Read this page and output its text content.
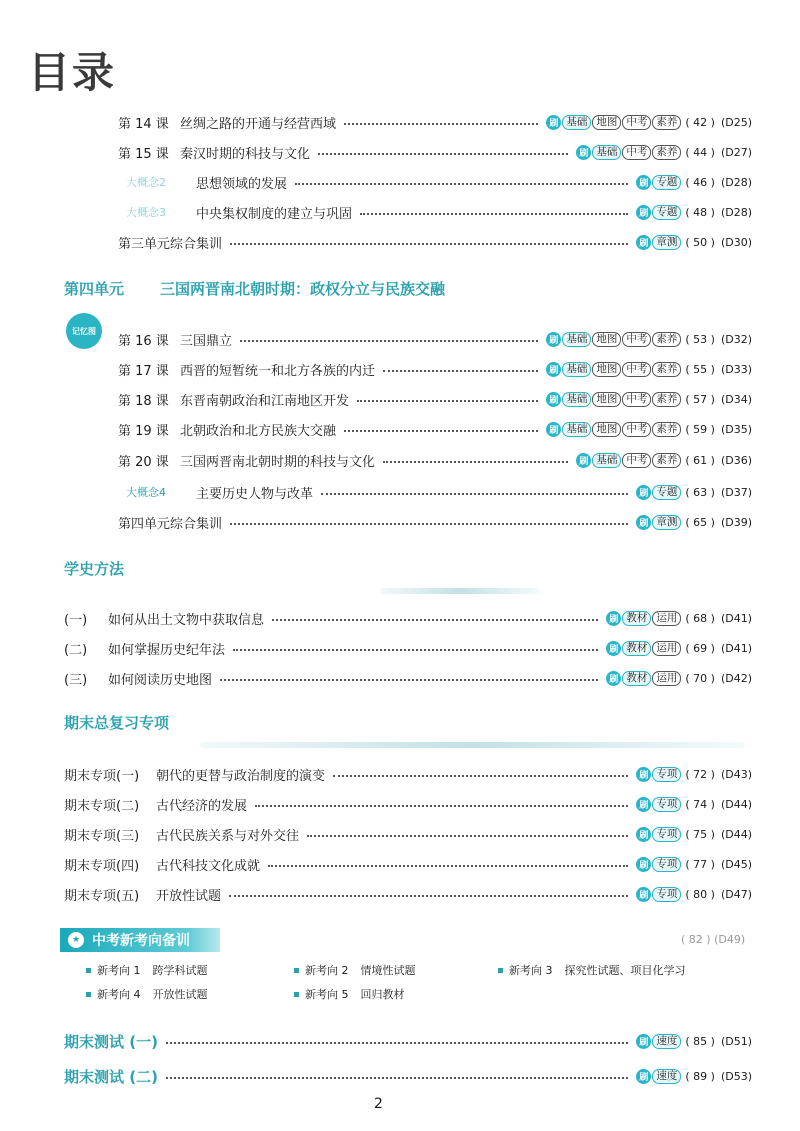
目录
第 14 课 丝绸之路的开通与经营西域	刷 基础 地图 中考 素养 ( 42 ) (D25)
第 15 课 秦汉时期的科技与文化	刷 基础 中考 素养 ( 44 ) (D27)
大概念2	思想领域的发展	刷 专题 ( 46 ) (D28)
大概念3	中央集权制度的建立与巩固	刷 专题 ( 48 ) (D28)
第三单元综合集训	刷 章测 ( 50 ) (D30)
第四单元	三国两晋南北朝时期：政权分立与民族交融
记忆图
第 16 课 三国鼎立	刷 基础 地图 中考 素养 ( 53 ) (D32)
第 17 课 西晋的短暂统一和北方各族的内迁	刷 基础 地图 中考 素养 ( 55 ) (D33)
第 18 课 东晋南朝政治和江南地区开发	刷 基础 地图 中考 素养 ( 57 ) (D34)
第 19 课 北朝政治和北方民族大交融	刷 基础 地图 中考 素养 ( 59 ) (D35)
第 20 课 三国两晋南北朝时期的科技与文化	刷 基础 中考 素养 ( 61 ) (D36)
大概念4	主要历史人物与改革	刷 专题 ( 63 ) (D37)
第四单元综合集训	刷 章测 ( 65 ) (D39)
学史方法
(一)	如何从出土文物中获取信息	刷 教材 运用 ( 68 ) (D41)
(二)	如何掌握历史纪年法	刷 教材 运用 ( 69 ) (D41)
(三)	如何阅读历史地图	刷 教材 运用 ( 70 ) (D42)
期末总复习专项
期末专项(一)	朝代的更替与政治制度的演变	刷 专项 ( 72 ) (D43)
期末专项(二)	古代经济的发展	刷 专项 ( 74 ) (D44)
期末专项(三)	古代民族关系与对外交往	刷 专项 ( 75 ) (D44)
期末专项(四)	古代科技文化成就	刷 专项 ( 77 ) (D45)
期末专项(五)	开放性试题	刷 专项 ( 80 ) (D47)
★ 中考新考向备训	( 82 ) (D49)
新考向 1 跨学科试题	新考向 2 情境性试题	新考向 3 探究性试题、项目化学习
新考向 4 开放性试题	新考向 5 回归教材
期末测试 (一)	刷 速度 ( 85 ) (D51)
期末测试 (二)	刷 速度 ( 89 ) (D53)
2
